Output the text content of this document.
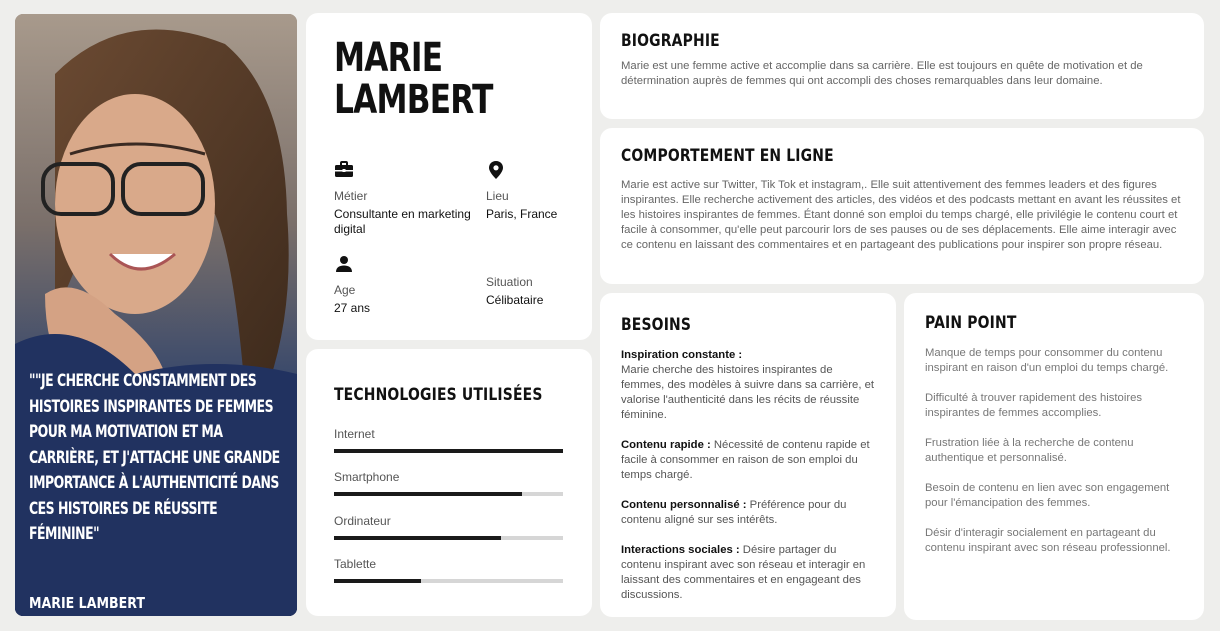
""JE CHERCHE CONSTAMMENT DES HISTOIRES INSPIRANTES DE FEMMES POUR MA MOTIVATION ET MA CARRIÈRE, ET J'ATTACHE UNE GRANDE IMPORTANCE À L'AUTHENTICITÉ DANS CES HISTOIRES DE RÉUSSITE FÉMININE"
MARIE LAMBERT
MARIE LAMBERT
Métier
Consultante en marketing digital
Lieu
Paris, France
Age
27 ans
Situation
Célibataire
TECHNOLOGIES UTILISÉES
Internet
Smartphone
Ordinateur
Tablette
BIOGRAPHIE
Marie est une femme active et accomplie dans sa carrière. Elle est toujours en quête de motivation et de détermination auprès de femmes qui ont accompli des choses remarquables dans leur domaine.
COMPORTEMENT EN LIGNE
Marie est active sur Twitter, Tik Tok et instagram,. Elle suit attentivement des femmes leaders et des figures inspirantes. Elle recherche activement des articles, des vidéos et des podcasts mettant en avant les réussites et les histoires inspirantes de femmes. Étant donné son emploi du temps chargé, elle privilégie le contenu court et facile à consommer, qu'elle peut parcourir lors de ses pauses ou de ses déplacements. Elle aime interagir avec ce contenu en laissant des commentaires et en partageant des publications pour inspirer son propre réseau.
BESOINS
Inspiration constante :
Marie cherche des histoires inspirantes de femmes, des modèles à suivre dans sa carrière, et valorise l'authenticité dans les récits de réussite féminine.
Contenu rapide : Nécessité de contenu rapide et facile à consommer en raison de son emploi du temps chargé.
Contenu personnalisé : Préférence pour du contenu aligné sur ses intérêts.
Interactions sociales : Désire partager du contenu inspirant avec son réseau et interagir en laissant des commentaires et en engageant des discussions.
PAIN POINT
Manque de temps pour consommer du contenu inspirant en raison d'un emploi du temps chargé.
Difficulté à trouver rapidement des histoires inspirantes de femmes accomplies.
Frustration liée à la recherche de contenu authentique et personnalisé.
Besoin de contenu en lien avec son engagement pour l'émancipation des femmes.
Désir d'interagir socialement en partageant du contenu inspirant avec son réseau professionnel.
